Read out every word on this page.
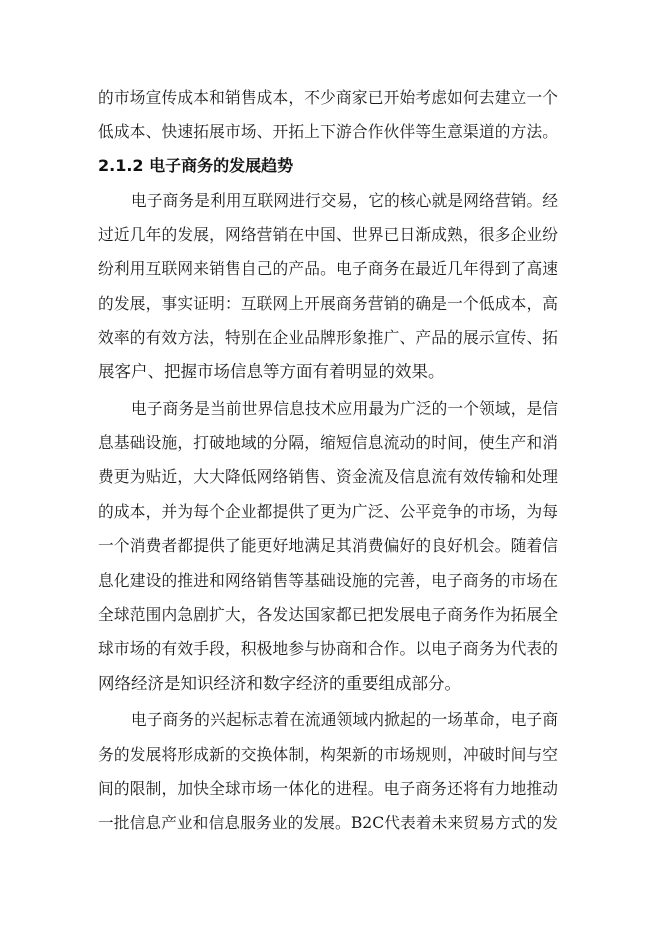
的市场宣传成本和销售成本，不少商家已开始考虑如何去建立一个
低成本、快速拓展市场、开拓上下游合作伙伴等生意渠道的方法。
2.1.2 电子商务的发展趋势
电子商务是利用互联网进行交易，它的核心就是网络营销。经
过近几年的发展，网络营销在中国、世界已日渐成熟，很多企业纷
纷利用互联网来销售自己的产品。电子商务在最近几年得到了高速
的发展，事实证明：互联网上开展商务营销的确是一个低成本，高
效率的有效方法，特别在企业品牌形象推广、产品的展示宣传、拓
展客户、把握市场信息等方面有着明显的效果。
电子商务是当前世界信息技术应用最为广泛的一个领域，是信
息基础设施，打破地域的分隔，缩短信息流动的时间，使生产和消
费更为贴近，大大降低网络销售、资金流及信息流有效传输和处理
的成本，并为每个企业都提供了更为广泛、公平竞争的市场，为每
一个消费者都提供了能更好地满足其消费偏好的良好机会。随着信
息化建设的推进和网络销售等基础设施的完善，电子商务的市场在
全球范围内急剧扩大，各发达国家都已把发展电子商务作为拓展全
球市场的有效手段，积极地参与协商和合作。以电子商务为代表的
网络经济是知识经济和数字经济的重要组成部分。
电子商务的兴起标志着在流通领域内掀起的一场革命，电子商
务的发展将形成新的交换体制，构架新的市场规则，冲破时间与空
间的限制，加快全球市场一体化的进程。电子商务还将有力地推动
一批信息产业和信息服务业的发展。B2C代表着未来贸易方式的发
